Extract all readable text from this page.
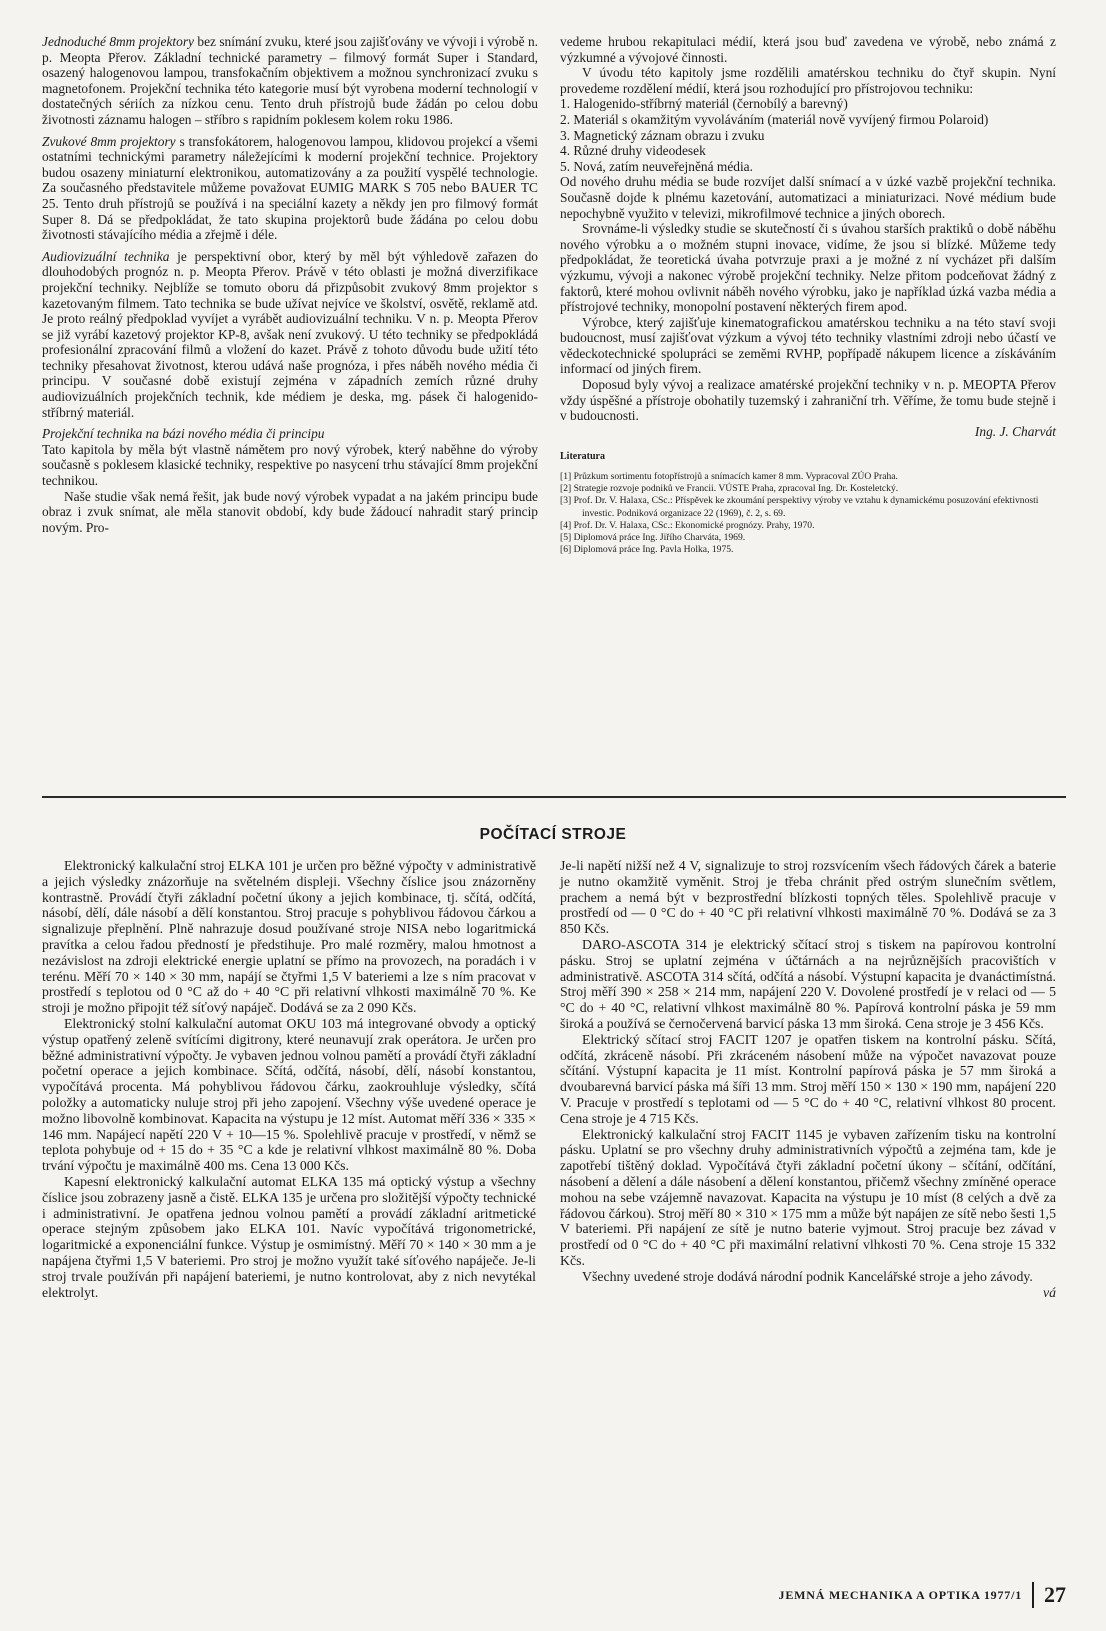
Jednoduché 8mm projektory bez snímání zvuku, které jsou zajišťovány ve vývoji i výrobě n. p. Meopta Přerov. Základní technické parametry – filmový formát Super i Standard, osazený halogenovou lampou, transfokačním objektivem a možnou synchronizací zvuku s magnetofonem. Projekční technika této kategorie musí být vyrobena moderní technologií v dostatečných sériích za nízkou cenu. Tento druh přístrojů bude žádán po celou dobu životnosti záznamu halogen – stříbro s rapidním poklesem kolem roku 1986.

Zvukové 8mm projektory s transfokátorem, halogenovou lampou, klidovou projekcí a všemi ostatními technickými parametry náležejícími k moderní projekční technice. Projektory budou osazeny miniaturní elektronikou, automatizovány a za použití vyspělé technologie. Za současného představitele můžeme považovat EUMIG MARK S 705 nebo BAUER TC 25. Tento druh přístrojů se používá i na speciální kazety a někdy jen pro filmový formát Super 8. Dá se předpokládat, že tato skupina projektorů bude žádána po celou dobu životnosti stávajícího média a zřejmě i déle.

Audiovizuální technika je perspektivní obor, který by měl být výhledově zařazen do dlouhodobých prognóz n. p. Meopta Přerov. Právě v této oblasti je možná diverzifikace projekční techniky. Nejblíže se tomuto oboru dá přizpůsobit zvukový 8mm projektor s kazetovaným filmem. Tato technika se bude užívat nejvíce ve školství, osvětě, reklamě atd. Je proto reálný předpoklad vyvíjet a vyrábět audiovizuální techniku. V n. p. Meopta Přerov se již vyrábí kazetový projektor KP-8, avšak není zvukový. U této techniky se předpokládá profesionální zpracování filmů a vložení do kazet. Právě z tohoto důvodu bude užití této techniky přesahovat životnost, kterou udává naše prognóza, i přes náběh nového média či principu. V současné době existují zejména v západních zemích různé druhy audiovizuálních projekčních technik, kde médiem je deska, mg. pásek či halogenido-stříbrný materiál.

Projekční technika na bázi nového média či principu

Tato kapitola by měla být vlastně námětem pro nový výrobek, který naběhne do výroby současně s poklesem klasické techniky, respektive po nasycení trhu stávající 8mm projekční technikou.

Naše studie však nemá řešit, jak bude nový výrobek vypadat a na jakém principu bude obraz i zvuk snímat, ale měla stanovit období, kdy bude žádoucí nahradit starý princip novým. Pro-

vedeme hrubou rekapitulaci médií, která jsou buď zavedena ve výrobě, nebo známá z výzkumné a vývojové činnosti.

V úvodu této kapitoly jsme rozdělili amatérskou techniku do čtyř skupin. Nyní provedeme rozdělení médií, která jsou rozhodující pro přístrojovou techniku:

1. Halogenido-stříbrný materiál (černobílý a barevný)
2. Materiál s okamžitým vyvoláváním (materiál nově vyvíjený firmou Polaroid)
3. Magnetický záznam obrazu i zvuku
4. Různé druhy videodesek
5. Nová, zatím neuveřejněná média.

Od nového druhu média se bude rozvíjet další snímací a v úzké vazbě projekční technika. Současně dojde k plnému kazetování, automatizaci a miniaturizaci. Nové médium bude nepochybně využito v televizi, mikrofilmové technice a jiných oborech.

Srovnáme-li výsledky studie se skutečností či s úvahou starších praktiků o době náběhu nového výrobku a o možném stupni inovace, vidíme, že jsou si blízké. Můžeme tedy předpokládat, že teoretická úvaha potvrzuje praxi a je možné z ní vycházet při dalším výzkumu, vývoji a nakonec výrobě projekční techniky. Nelze přitom podceňovat žádný z faktorů, které mohou ovlivnit náběh nového výrobku, jako je například úzká vazba média a přístrojové techniky, monopolní postavení některých firem apod.

Výrobce, který zajišťuje kinematografickou amatérskou techniku a na této staví svoji budoucnost, musí zajišťovat výzkum a vývoj této techniky vlastními zdroji nebo účastí ve vědeckotechnické spolupráci se zeměmi RVHP, popřípadě nákupem licence a získáváním informací od jiných firem.

Doposud byly vývoj a realizace amatérské projekční techniky v n. p. MEOPTA Přerov vždy úspěšné a přístroje obohatily tuzemský i zahraniční trh. Věříme, že tomu bude stejně i v budoucnosti.

Ing. J. Charvát

Literatura

[1] Průzkum sortimentu fotopřístrojů a snímacích kamer 8 mm. Vypracoval ZÚO Praha.
[2] Strategie rozvoje podniků ve Francii. VÚSTE Praha, zpracoval Ing. Dr. Kosteletcký.
[3] Prof. Dr. V. Halaxa, CSc.: Příspěvek ke zkoumání perspektivy výroby ve vztahu k dynamickému posuzování efektivnosti investic. Podniková organizace 22 (1969), č. 2, s. 69.
[4] Prof. Dr. V. Halaxa, CSc.: Ekonomické prognózy. Prahy, 1970.
[5] Diplomová práce Ing. Jiřího Charváta, 1969.
[6] Diplomová práce Ing. Pavla Holka, 1975.
POČÍTACÍ STROJE

Elektronický kalkulační stroj ELKA 101 je určen pro běžné výpočty v administrativě a jejich výsledky znázorňuje na světelném displeji. Všechny číslice jsou znázorněny kontrastně. Provádí čtyři základní početní úkony a jejich kombinace, tj. sčítá, odčítá, násobí, dělí, dále násobí a dělí konstantou. Stroj pracuje s pohyblivou řádovou čárkou a signalizuje přeplnění. Plně nahrazuje dosud používané stroje NISA nebo logaritmická pravítka a celou řadou předností je předstihuje. Pro malé rozměry, malou hmotnost a nezávislost na zdroji elektrické energie uplatní se přímo na provozech, na poradách i v terénu. Měří 70 × 140 × 30 mm, napájí se čtyřmi 1,5 V bateriemi a lze s ním pracovat v prostředí s teplotou od 0 °C až do + 40 °C při relativní vlhkosti maximálně 70 %. Ke stroji je možno připojit též síťový napáječ. Dodává se za 2 090 Kčs.

Elektronický stolní kalkulační automat OKU 103 má integrované obvody a optický výstup opatřený zeleně svítícími digitrony, které neunavují zrak operátora. Je určen pro běžné administrativní výpočty. Je vybaven jednou volnou pamětí a provádí čtyři základní početní operace a jejich kombinace. Sčítá, odčítá, násobí, dělí, násobí konstantou, vypočítává procenta. Má pohyblivou řádovou čárku, zaokrouhluje výsledky, sčítá položky a automaticky nuluje stroj při jeho zapojení. Všechny výše uvedené operace je možno libovolně kombinovat. Kapacita na výstupu je 12 míst. Automat měří 336 × 335 × 146 mm. Napájecí napětí 220 V + 10—15 %. Spolehlivě pracuje v prostředí, v němž se teplota pohybuje od + 15 do + 35 °C a kde je relativní vlhkost maximálně 80 %. Doba trvání výpočtu je maximálně 400 ms. Cena 13 000 Kčs.

Kapesní elektronický kalkulační automat ELKA 135 má optický výstup a všechny číslice jsou zobrazeny jasně a čistě. ELKA 135 je určena pro složitější výpočty technické i administrativní. Je opatřena jednou volnou pamětí a provádí základní aritmetické operace stejným způsobem jako ELKA 101. Navíc vypočítává trigonometrické, logaritmické a exponenciální funkce. Výstup je osmimístný. Měří 70 × 140 × 30 mm a je napájena čtyřmi 1,5 V bateriemi. Pro stroj je možno využít také síťového napáječe. Je-li stroj trvale používán při napájení bateriemi, je nutno kontrolovat, aby z nich nevytékal elektrolyt.

Je-li napětí nižší než 4 V, signalizuje to stroj rozsvícením všech řádových čárek a baterie je nutno okamžitě vyměnit. Stroj je třeba chránit před ostrým slunečním světlem, prachem a nemá být v bezprostřední blízkosti topných těles. Spolehlivě pracuje v prostředí od — 0 °C do + 40 °C při relativní vlhkosti maximálně 70 %. Dodává se za 3 850 Kčs.

DARO-ASCOTA 314 je elektrický sčítací stroj s tiskem na papírovou kontrolní pásku. Stroj se uplatní zejména v účtárnách a na nejrůznějších pracovištích v administrativě. ASCOTA 314 sčítá, odčítá a násobí. Výstupní kapacita je dvanáctimístná. Stroj měří 390 × 258 × 214 mm, napájení 220 V. Dovolené prostředí je v relaci od — 5 °C do + 40 °C, relativní vlhkost maximálně 80 %. Papírová kontrolní páska je 59 mm široká a používá se černočervená barvicí páska 13 mm široká. Cena stroje je 3 456 Kčs.

Elektrický sčítací stroj FACIT 1207 je opatřen tiskem na kontrolní pásku. Sčítá, odčítá, zkráceně násobí. Při zkráceném násobení může na výpočet navazovat pouze sčítání. Výstupní kapacita je 11 míst. Kontrolní papírová páska je 57 mm široká a dvoubarevná barvicí páska má šíři 13 mm. Stroj měří 150 × 130 × 190 mm, napájení 220 V. Pracuje v prostředí s teplotami od — 5 °C do + 40 °C, relativní vlhkost 80 procent. Cena stroje je 4 715 Kčs.

Elektronický kalkulační stroj FACIT 1145 je vybaven zařízením tisku na kontrolní pásku. Uplatní se pro všechny druhy administrativních výpočtů a zejména tam, kde je zapotřebí tištěný doklad. Vypočítává čtyři základní početní úkony – sčítání, odčítání, násobení a dělení a dále násobení a dělení konstantou, přičemž všechny zmíněné operace mohou na sebe vzájemně navazovat. Kapacita na výstupu je 10 míst (8 celých a dvě za řádovou čárkou). Stroj měří 80 × 310 × 175 mm a může být napájen ze sítě nebo šesti 1,5 V bateriemi. Při napájení ze sítě je nutno baterie vyjmout. Stroj pracuje bez závad v prostředí od 0 °C do + 40 °C při maximální relativní vlhkosti 70 %. Cena stroje 15 332 Kčs.

Všechny uvedené stroje dodává národní podnik Kancelářské stroje a jeho závody.

vá

JEMNÁ MECHANIKA A OPTIKA 1977/1 27
